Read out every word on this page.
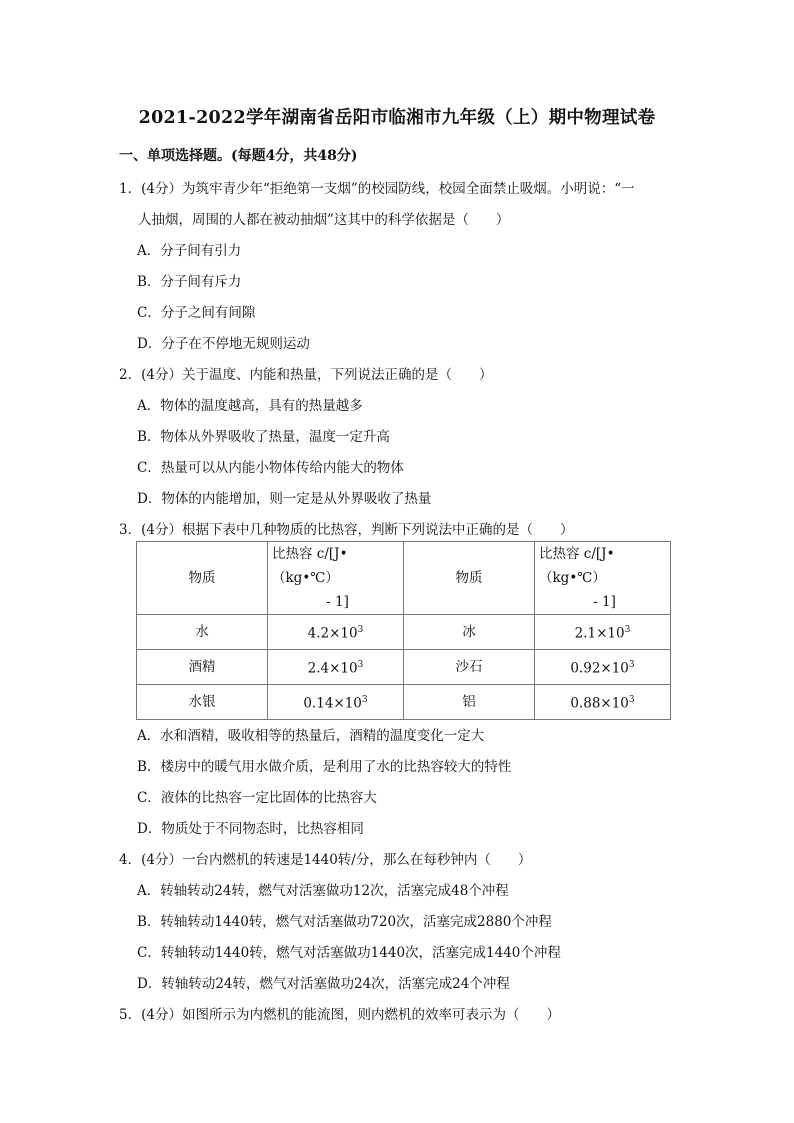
2021-2022学年湖南省岳阳市临湘市九年级（上）期中物理试卷
一、单项选择题。(每题4分，共48分)
1．(4分）为筑牢青少年“拒绝第一支烟”的校园防线，校园全面禁止吸烟。小明说：“一
人抽烟，周围的人都在被动抽烟”这其中的科学依据是（　　）
A．分子间有引力
B．分子间有斥力
C．分子之间有间隙
D．分子在不停地无规则运动
2．(4分）关于温度、内能和热量，下列说法正确的是（　　）
A．物体的温度越高，具有的热量越多
B．物体从外界吸收了热量，温度一定升高
C．热量可以从内能小物体传给内能大的物体
D．物体的内能增加，则一定是从外界吸收了热量
3．(4分）根据下表中几种物质的比热容，判断下列说法中正确的是（　　）
物质	比热容 c/[J•（kg•℃）
- 1]	物质	比热容 c/[J•（kg•℃）
- 1]

水	$4.2\times 10^3$	冰	$2.1\times 10^3$
酒精	$2.4\times 10^3$	沙石	$0.92\times 10^3$
水银	$0.14\times 10^3$	铝	$0.88\times 10^3$
A．水和酒精，吸收相等的热量后，酒精的温度变化一定大
B．楼房中的暖气用水做介质，是利用了水的比热容较大的特性
C．液体的比热容一定比固体的比热容大
D．物质处于不同物态时，比热容相同
4．(4分）一台内燃机的转速是1440转/分，那么在每秒钟内（　　）
A．转轴转动24转，燃气对活塞做功12次，活塞完成48个冲程
B．转轴转动1440转，燃气对活塞做功720次，活塞完成2880个冲程
C．转轴转动1440转，燃气对活塞做功1440次，活塞完成1440个冲程
D．转轴转动24转，燃气对活塞做功24次，活塞完成24个冲程
5．(4分）如图所示为内燃机的能流图，则内燃机的效率可表示为（　　）
